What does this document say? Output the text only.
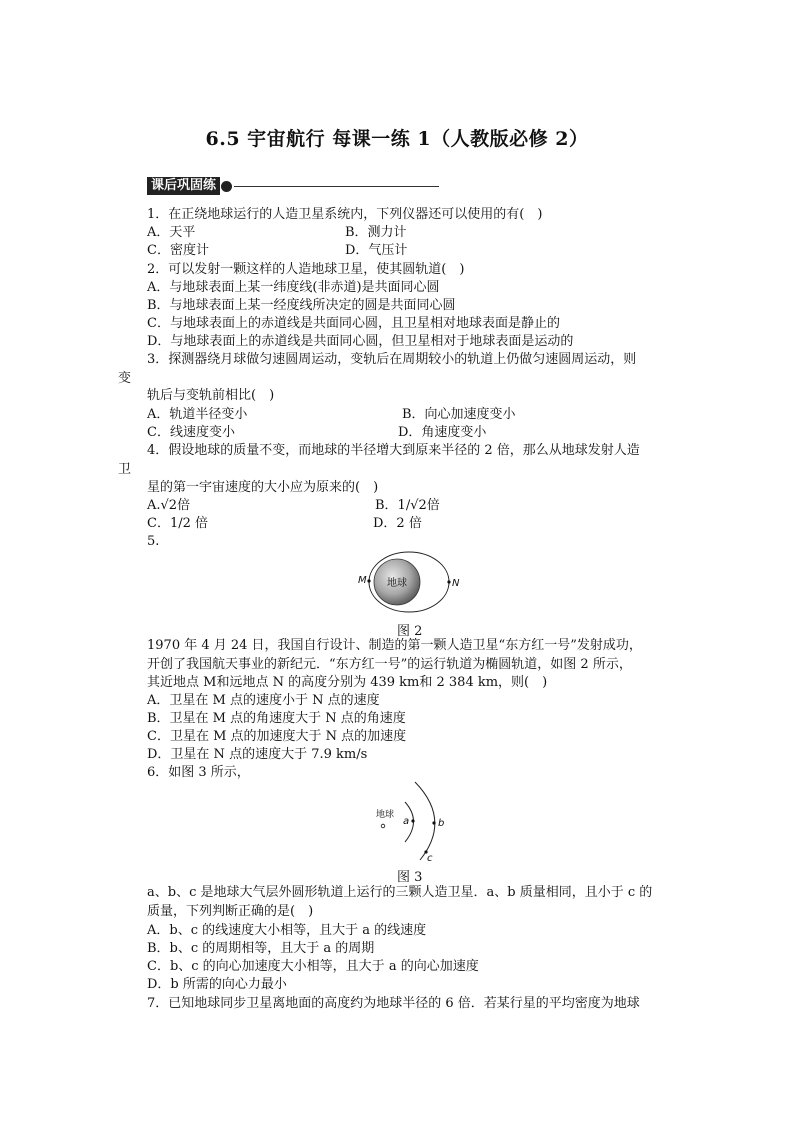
6.5 宇宙航行 每课一练 1（人教版必修 2）
课后巩固练
1．在正绕地球运行的人造卫星系统内，下列仪器还可以使用的有(　)
A．天平	B．测力计
C．密度计	D．气压计
2．可以发射一颗这样的人造地球卫星，使其圆轨道(　)
A．与地球表面上某一纬度线(非赤道)是共面同心圆
B．与地球表面上某一经度线所决定的圆是共面同心圆
C．与地球表面上的赤道线是共面同心圆，且卫星相对地球表面是静止的
D．与地球表面上的赤道线是共面同心圆，但卫星相对于地球表面是运动的
3．探测器绕月球做匀速圆周运动，变轨后在周期较小的轨道上仍做匀速圆周运动，则
变
轨后与变轨前相比(　)
A．轨道半径变小	B．向心加速度变小
C．线速度变小	D．角速度变小
4．假设地球的质量不变，而地球的半径增大到原来半径的 2 倍，那么从地球发射人造
卫
星的第一宇宙速度的大小应为原来的(　)
A.√2倍	B．1/√2倍
C．1/2 倍	D．2 倍
5.
地球
M	N
图 2
1970 年 4 月 24 日，我国自行设计、制造的第一颗人造卫星“东方红一号”发射成功，
开创了我国航天事业的新纪元．“东方红一号”的运行轨道为椭圆轨道，如图 2 所示，
其近地点 M和远地点 N 的高度分别为 439 km和 2 384 km，则(　)
A．卫星在 M 点的速度小于 N 点的速度
B．卫星在 M 点的角速度大于 N 点的角速度
C．卫星在 M 点的加速度大于 N 点的加速度
D．卫星在 N 点的速度大于 7.9 km/s
6．如图 3 所示，
地球
a	b
c
图 3
a、b、c 是地球大气层外圆形轨道上运行的三颗人造卫星．a、b 质量相同，且小于 c 的
质量，下列判断正确的是(　)
A．b、c 的线速度大小相等，且大于 a 的线速度
B．b、c 的周期相等，且大于 a 的周期
C．b、c 的向心加速度大小相等，且大于 a 的向心加速度
D．b 所需的向心力最小
7．已知地球同步卫星离地面的高度约为地球半径的 6 倍．若某行星的平均密度为地球
